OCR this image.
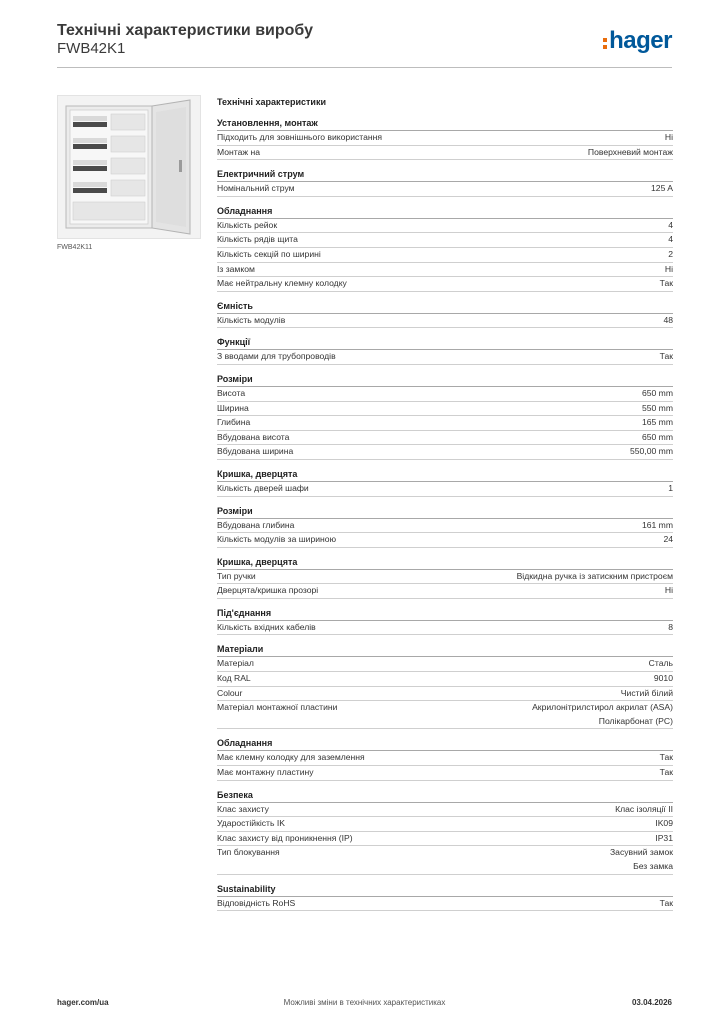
Технічні характеристики виробу
FWB42K1	hager
FWB42K11
Технічні характеристики
Установлення, монтаж
Підходить для зовнішнього використання	Ні
Монтаж на	Поверхневий монтаж
Електричний струм
Номінальний струм	125 A
Обладнання
Кількість рейок	4
Кількість рядів щита	4
Кількість секцій по ширині	2
Із замком	Ні
Має нейтральну клемну колодку	Так
Ємність
Кількість модулів	48
Функції
З вводами для трубопроводів	Так
Розміри
Висота	650 mm
Ширина	550 mm
Глибина	165 mm
Вбудована висота	650 mm
Вбудована ширина	550,00 mm
Кришка, дверцята
Кількість дверей шафи	1
Розміри
Вбудована глибина	161 mm
Кількість модулів за шириною	24
Кришка, дверцята
Тип ручки	Відкидна ручка із затискним пристроєм
Дверцята/кришка прозорі	Ні
Під'єднання
Кількість вхідних кабелів	8
Матеріали
Матеріал	Сталь
Код RAL	9010
Colour	Чистий білий
Матеріал монтажної пластини	Акрилонітрилстирол акрилат (ASA)
Полікарбонат (PC)
Обладнання
Має клемну колодку для заземлення	Так
Має монтажну пластину	Так
Безпека
Клас захисту	Клас ізоляції II
Ударостійкість IK	IK09
Клас захисту від проникнення (IP)	IP31
Тип блокування	Засувний замок
Без замка
Sustainability
Відповідність RoHS	Так
hager.com/ua	Можливі зміни в технічних характеристиках	03.04.2026
